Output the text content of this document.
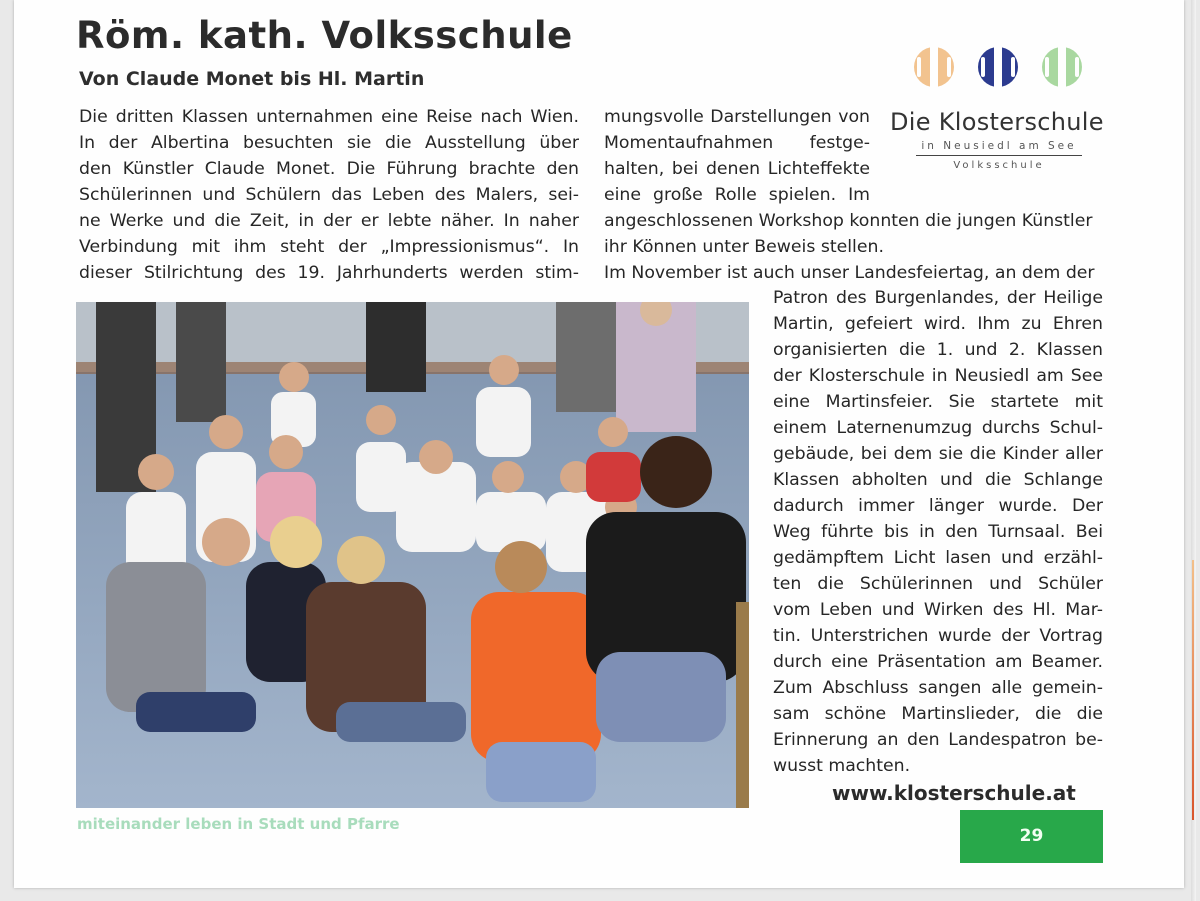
Röm. kath. Volksschule
Von Claude Monet bis Hl. Martin

Die Klosterschule

in Neusiedl am See

Volksschule

Die dritten Klassen unternahmen eine Reise nach Wien.
In der Albertina besuchten sie die Ausstellung über
den Künstler Claude Monet. Die Führung brachte den
Schülerinnen und Schülern das Leben des Malers, sei-
ne Werke und die Zeit, in der er lebte näher. In naher
Verbindung mit ihm steht der „Impressionismus“. In
dieser Stilrichtung des 19. Jahrhunderts werden stim-
mungsvolle Darstellungen von
Momentaufnahmen festge-
halten, bei denen Lichteffekte
eine große Rolle spielen. Im
angeschlossenen Workshop konnten die jungen Künstler
ihr Können unter Beweis stellen.
Im November ist auch unser Landesfeiertag, an dem der
Patron des Burgenlandes, der Heilige
Martin, gefeiert wird. Ihm zu Ehren
organisierten die 1. und 2. Klassen
der Klosterschule in Neusiedl am See
eine Martinsfeier. Sie startete mit
einem Laternenumzug durchs Schul-
gebäude, bei dem sie die Kinder aller
Klassen abholten und die Schlange
dadurch immer länger wurde. Der
Weg führte bis in den Turnsaal. Bei
gedämpftem Licht lasen und erzähl-
ten die Schülerinnen und Schüler
vom Leben und Wirken des Hl. Mar-
tin. Unterstrichen wurde der Vortrag
durch eine Präsentation am Beamer.
Zum Abschluss sangen alle gemein-
sam schöne Martinslieder, die die
Erinnerung an den Landespatron be-
wusst machten.

www.klosterschule.at

miteinander leben in Stadt und Pfarre

29
